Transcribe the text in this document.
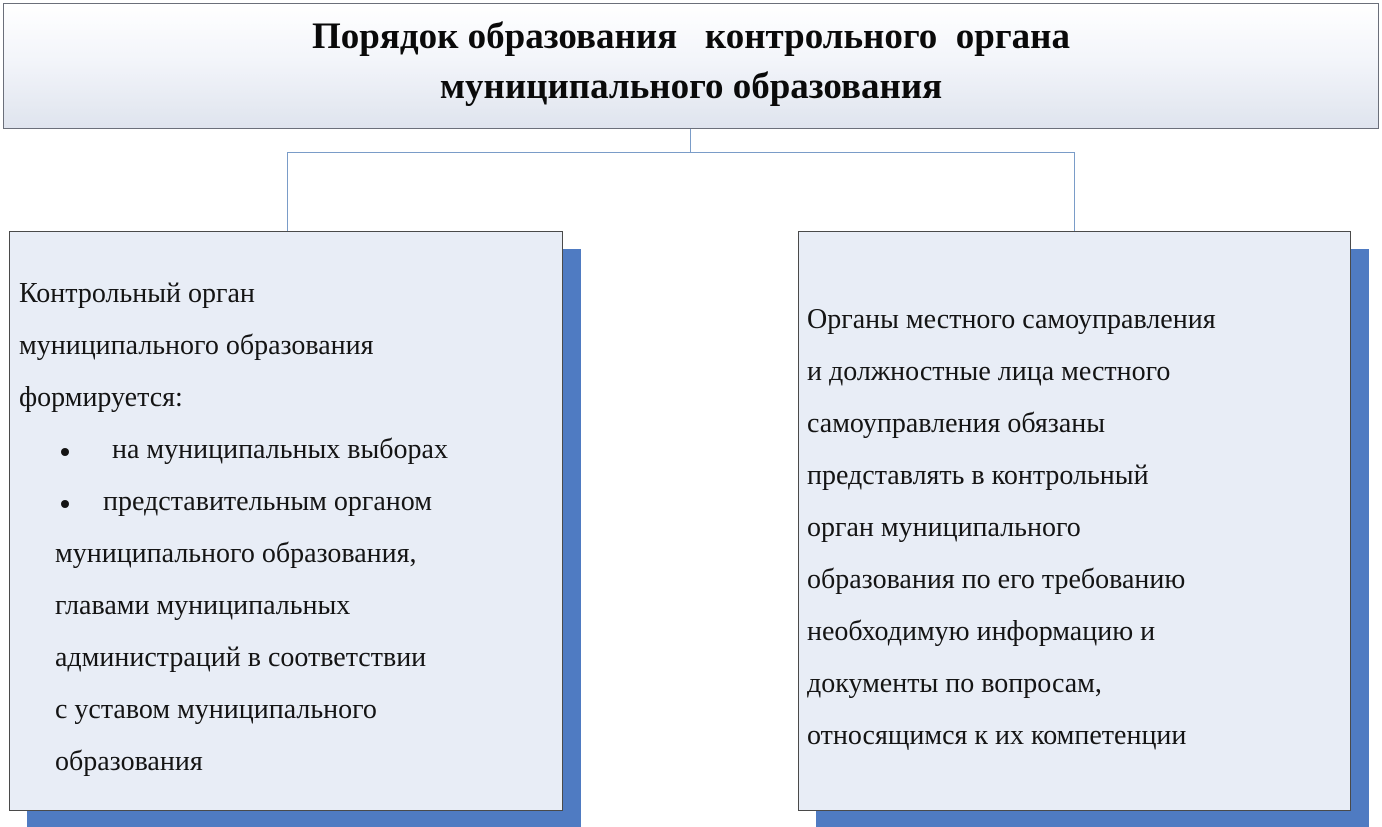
Порядок образования   контрольного  органа
муниципального образования
Контрольный орган
муниципального образования
формируется:
на муниципальных выборах
представительным органом
муниципального образования,
главами муниципальных
администраций в соответствии
с уставом муниципального
образования
Органы местного самоуправления
и должностные лица местного
самоуправления обязаны
представлять в контрольный
орган муниципального
образования по его требованию
необходимую информацию и
документы по вопросам,
относящимся к их компетенции
